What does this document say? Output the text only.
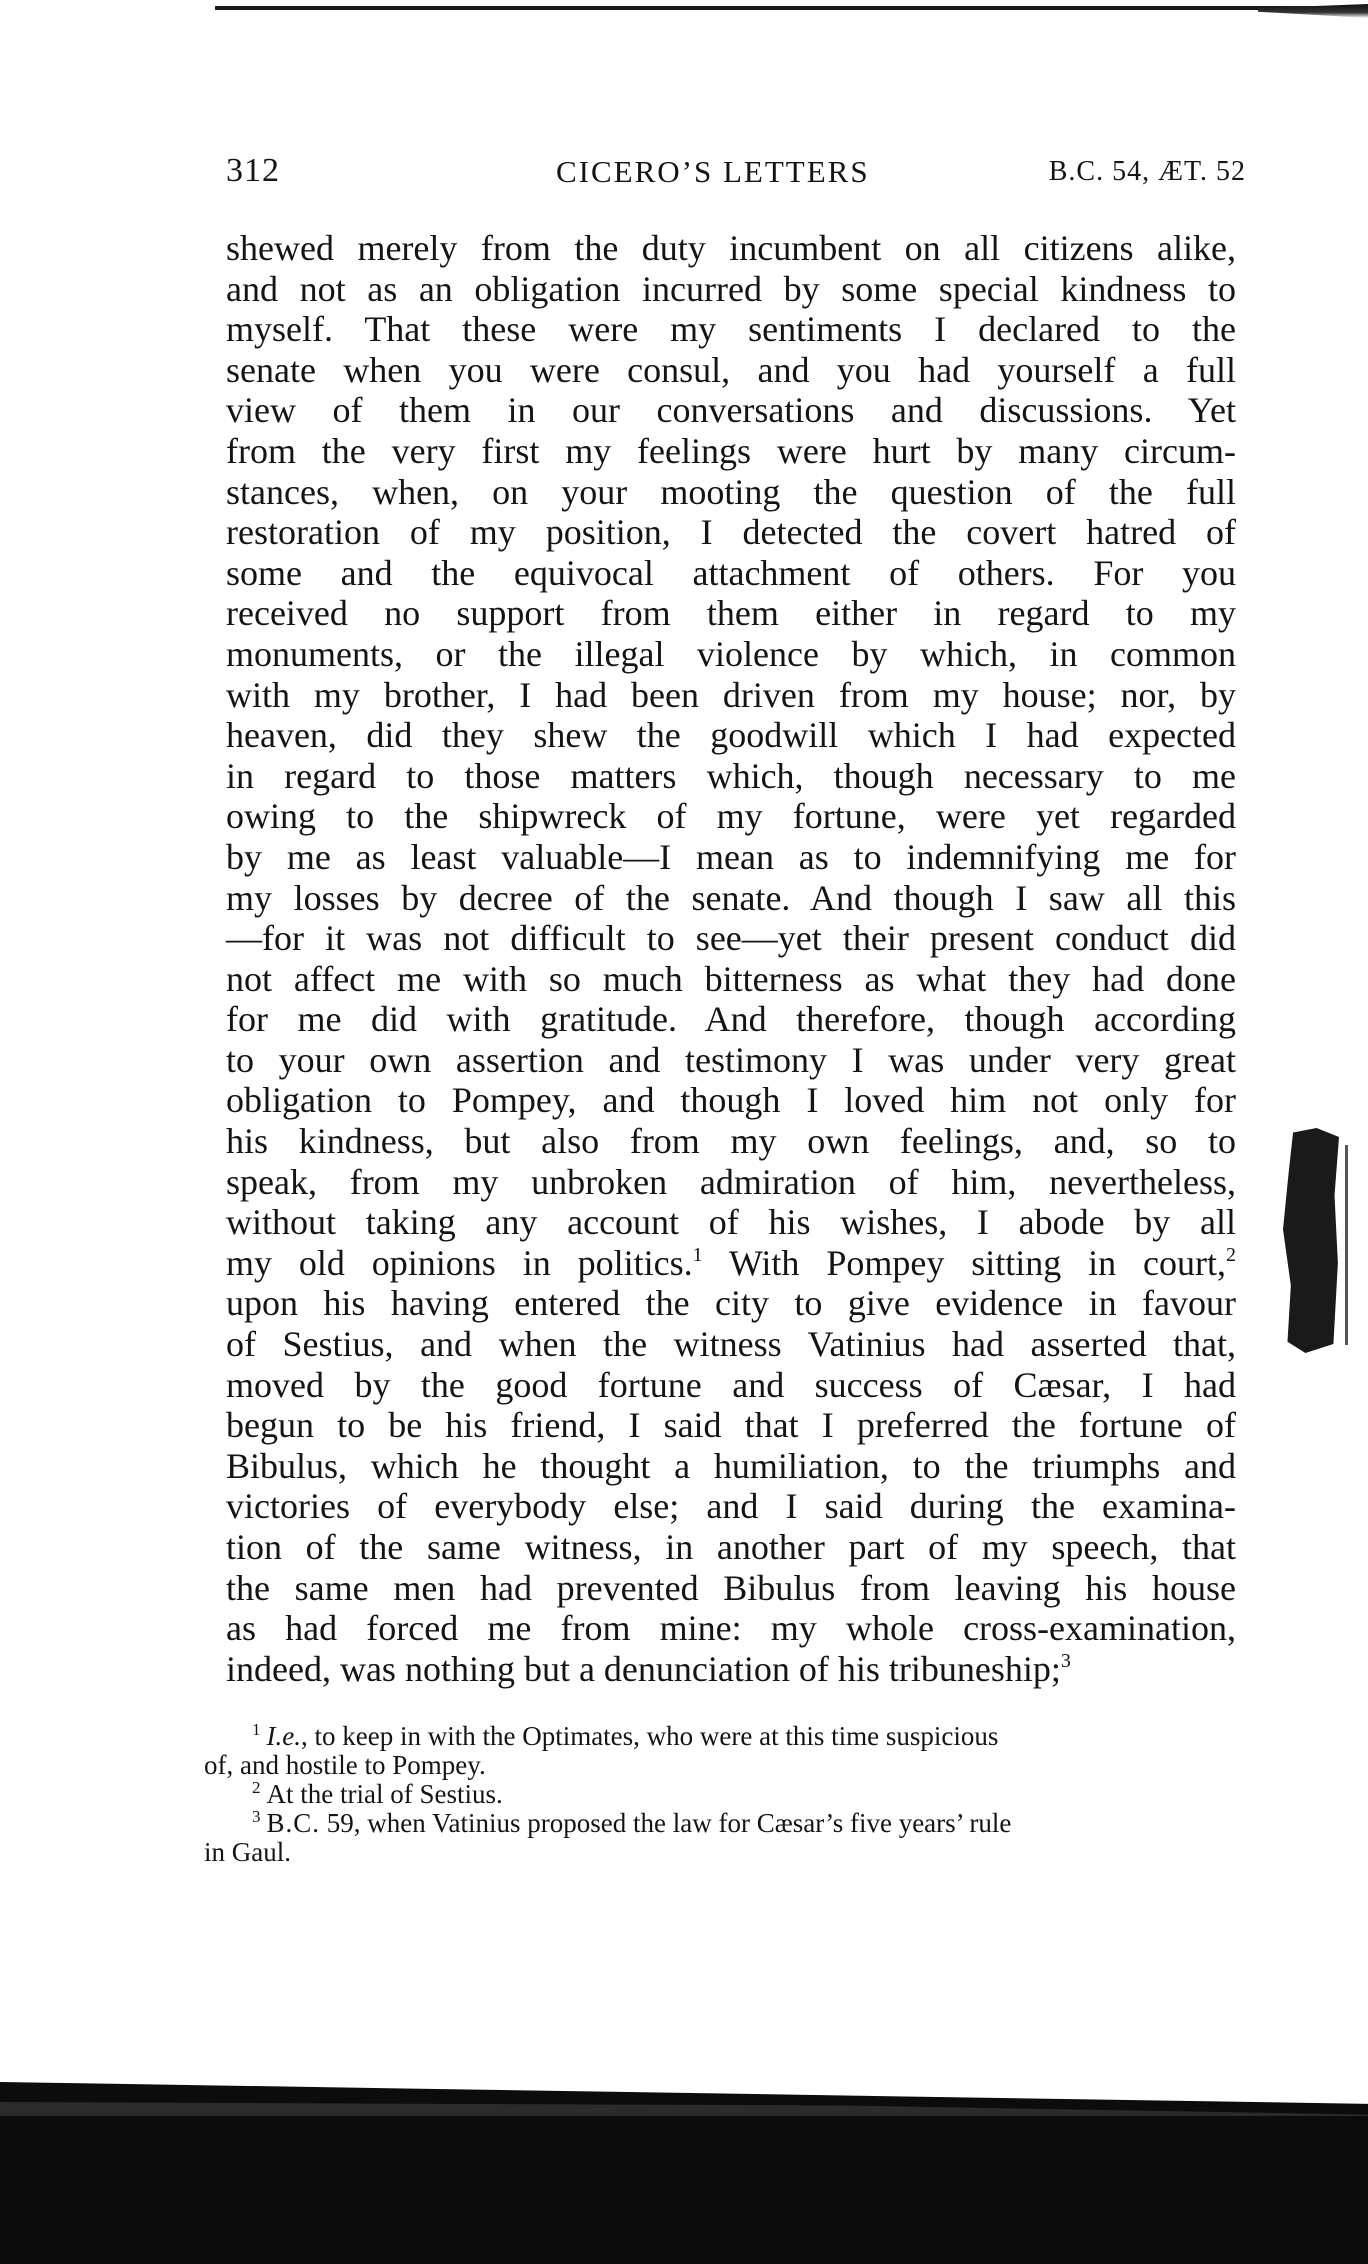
312	CICERO’S LETTERS	B.C. 54, ÆT. 52
shewed merely from the duty incumbent on all citizens alike,
and not as an obligation incurred by some special kindness to
myself. That these were my sentiments I declared to the
senate when you were consul, and you had yourself a full
view of them in our conversations and discussions. Yet
from the very first my feelings were hurt by many circum-
stances, when, on your mooting the question of the full
restoration of my position, I detected the covert hatred of
some and the equivocal attachment of others. For you
received no support from them either in regard to my
monuments, or the illegal violence by which, in common
with my brother, I had been driven from my house; nor, by
heaven, did they shew the goodwill which I had expected
in regard to those matters which, though necessary to me
owing to the shipwreck of my fortune, were yet regarded
by me as least valuable—I mean as to indemnifying me for
my losses by decree of the senate. And though I saw all this
—for it was not difficult to see—yet their present conduct did
not affect me with so much bitterness as what they had done
for me did with gratitude. And therefore, though according
to your own assertion and testimony I was under very great
obligation to Pompey, and though I loved him not only for
his kindness, but also from my own feelings, and, so to
speak, from my unbroken admiration of him, nevertheless,
without taking any account of his wishes, I abode by all
my old opinions in politics.$^1$ With Pompey sitting in court,$^2$
upon his having entered the city to give evidence in favour
of Sestius, and when the witness Vatinius had asserted that,
moved by the good fortune and success of Cæsar, I had
begun to be his friend, I said that I preferred the fortune of
Bibulus, which he thought a humiliation, to the triumphs and
victories of everybody else; and I said during the examina-
tion of the same witness, in another part of my speech, that
the same men had prevented Bibulus from leaving his house
as had forced me from mine: my whole cross-examination,
indeed, was nothing but a denunciation of his tribuneship;$^3$
$^1$ I.e., to keep in with the Optimates, who were at this time suspicious
of, and hostile to Pompey.
$^2$ At the trial of Sestius.
$^3$ B.C. 59, when Vatinius proposed the law for Cæsar’s five years’ rule
in Gaul.
